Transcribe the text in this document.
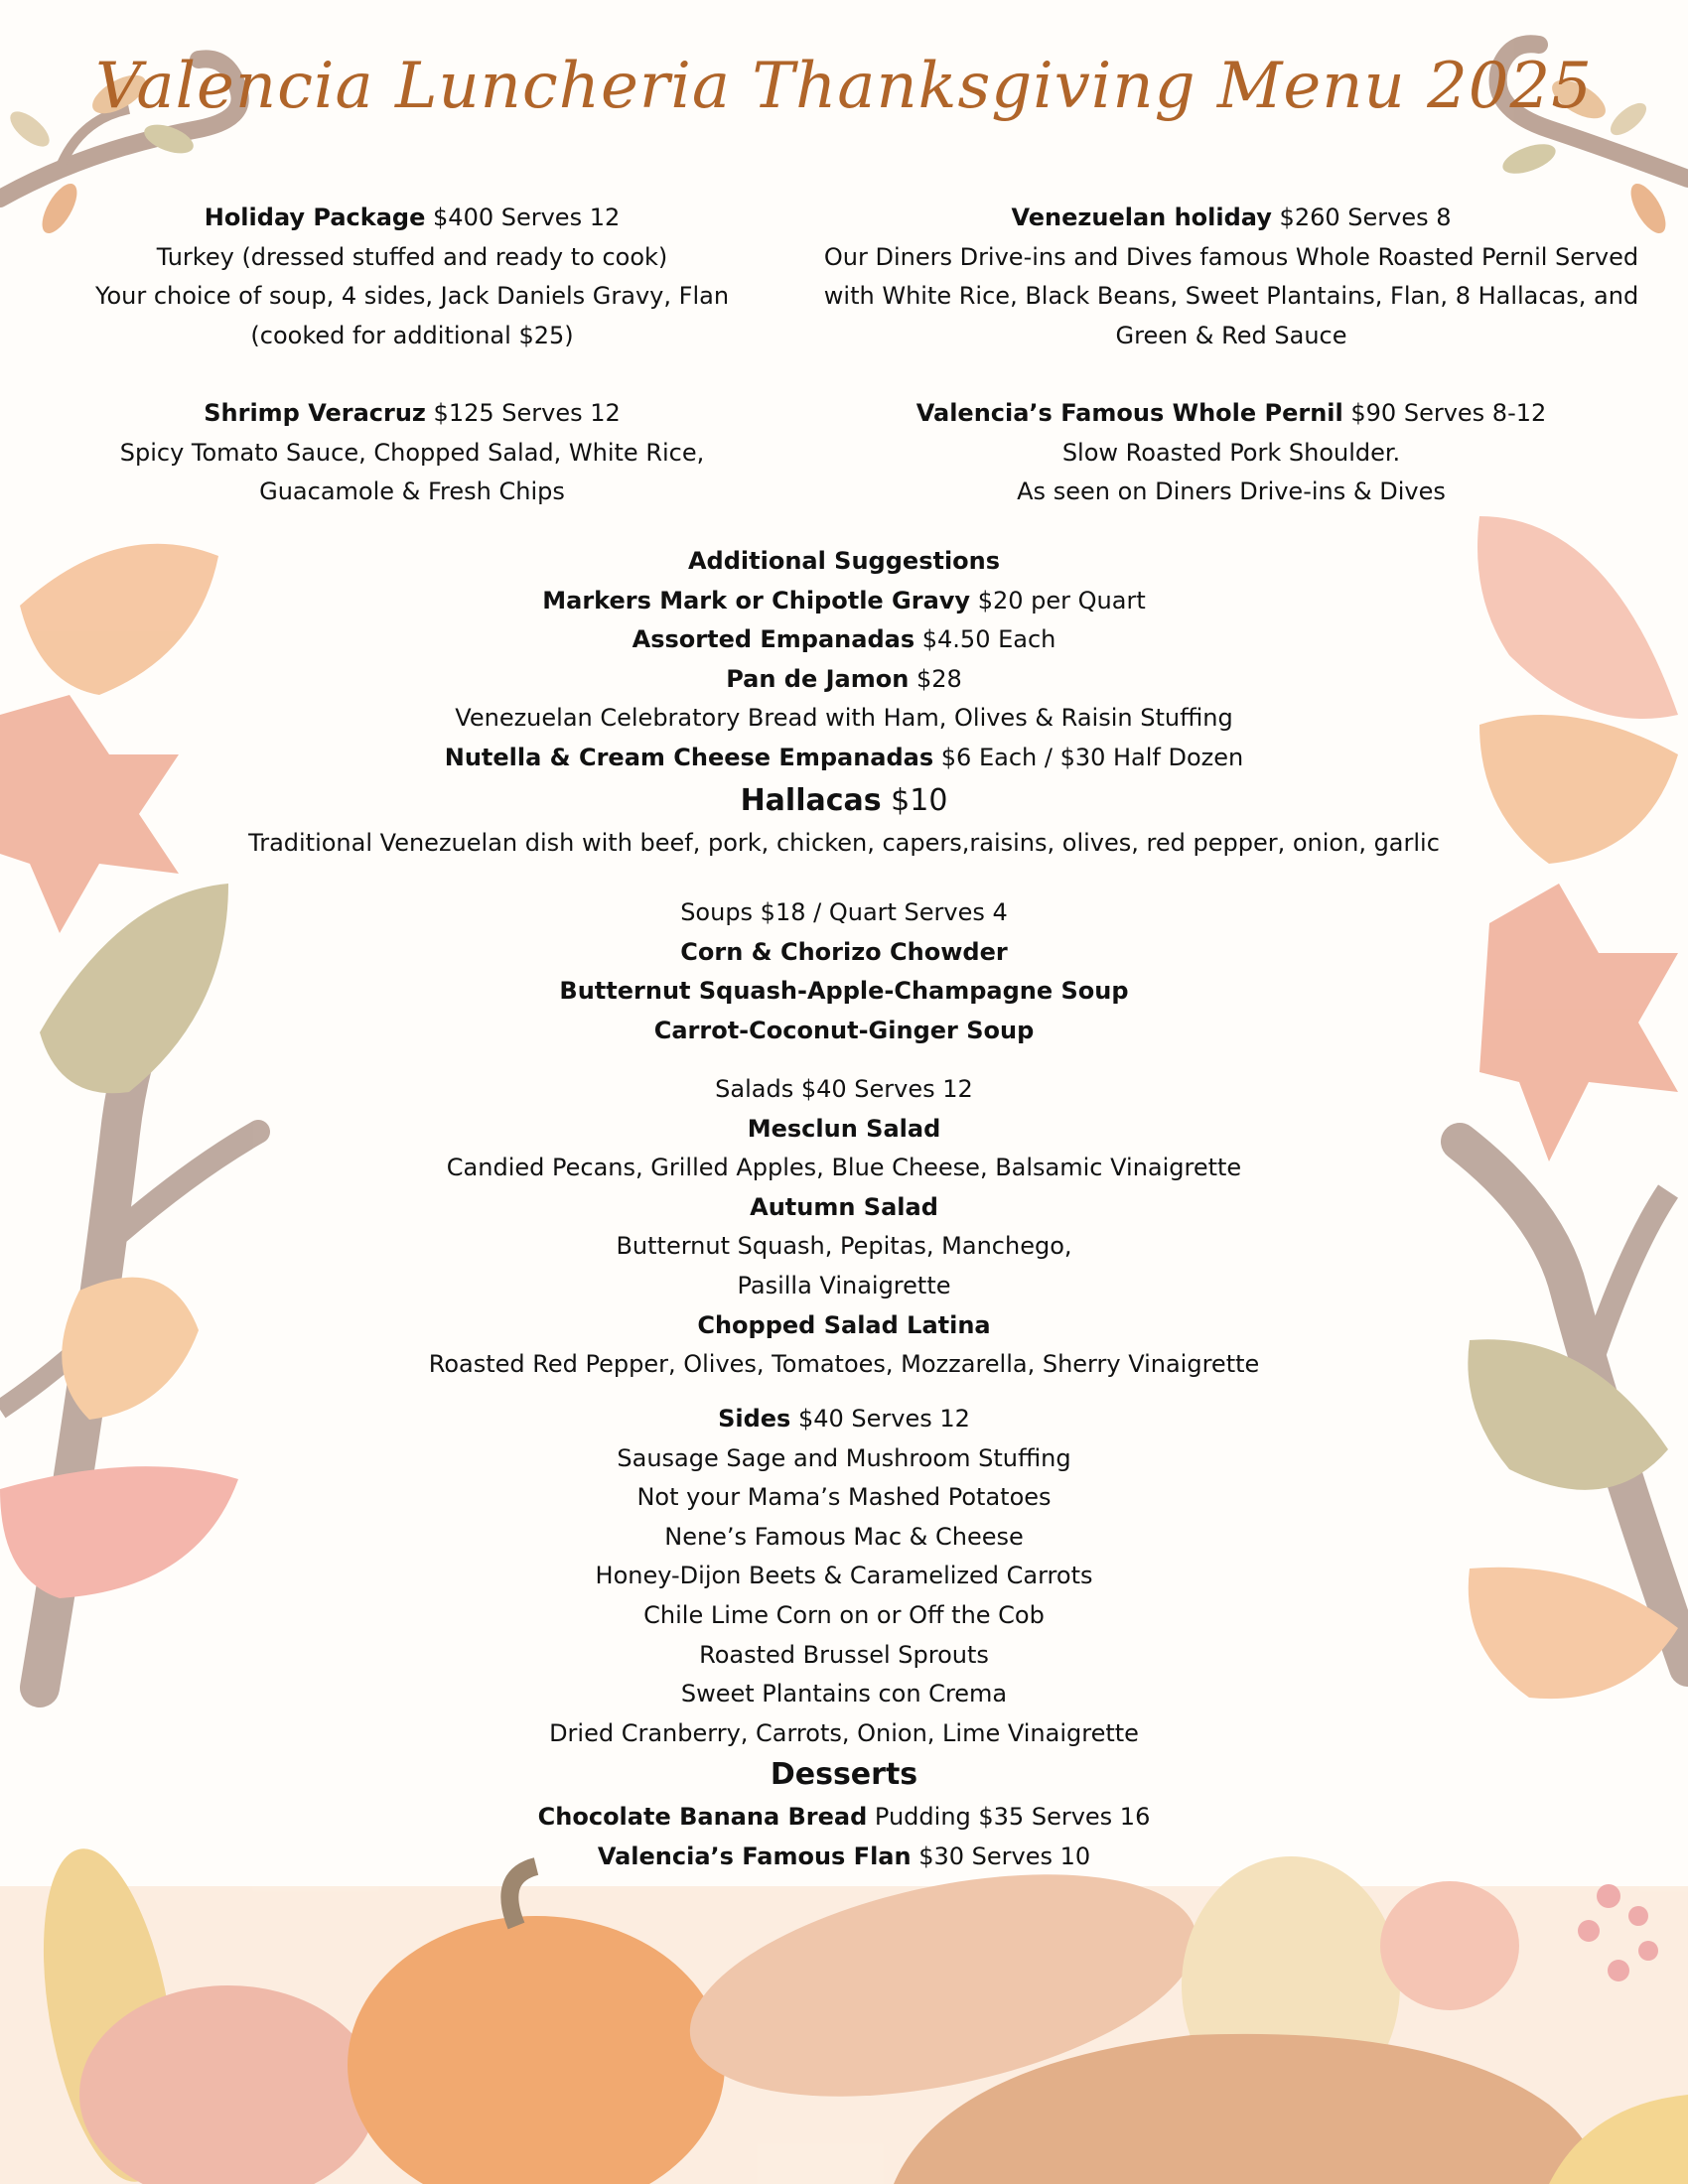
Valencia Luncheria Thanksgiving Menu 2025
Holiday Package $400 Serves 12
Turkey (dressed stuffed and ready to cook)
Your choice of soup, 4 sides, Jack Daniels Gravy, Flan
(cooked for additional $25)
Venezuelan holiday $260 Serves 8
Our Diners Drive-ins and Dives famous Whole Roasted Pernil Served
with White Rice, Black Beans, Sweet Plantains, Flan, 8 Hallacas, and
Green & Red Sauce
Shrimp Veracruz $125 Serves 12
Spicy Tomato Sauce, Chopped Salad, White Rice,
Guacamole & Fresh Chips
Valencia’s Famous Whole Pernil $90 Serves 8-12
Slow Roasted Pork Shoulder.
As seen on Diners Drive-ins & Dives
Additional Suggestions
Markers Mark or Chipotle Gravy $20 per Quart
Assorted Empanadas $4.50 Each
Pan de Jamon $28
Venezuelan Celebratory Bread with Ham, Olives & Raisin Stuffing
Nutella & Cream Cheese Empanadas $6 Each / $30 Half Dozen
Hallacas $10
Traditional Venezuelan dish with beef, pork, chicken, capers,raisins, olives, red pepper, onion, garlic
Soups $18 / Quart Serves 4
Corn & Chorizo Chowder
Butternut Squash-Apple-Champagne Soup
Carrot-Coconut-Ginger Soup
Salads $40 Serves 12
Mesclun Salad
Candied Pecans, Grilled Apples, Blue Cheese, Balsamic Vinaigrette
Autumn Salad
Butternut Squash, Pepitas, Manchego,
Pasilla Vinaigrette
Chopped Salad Latina
Roasted Red Pepper, Olives, Tomatoes, Mozzarella, Sherry Vinaigrette
Sides $40 Serves 12
Sausage Sage and Mushroom Stuffing
Not your Mama’s Mashed Potatoes
Nene’s Famous Mac & Cheese
Honey-Dijon Beets & Caramelized Carrots
Chile Lime Corn on or Off the Cob
Roasted Brussel Sprouts
Sweet Plantains con Crema
Dried Cranberry, Carrots, Onion, Lime Vinaigrette
Desserts
Chocolate Banana Bread Pudding $35 Serves 16
Valencia’s Famous Flan $30 Serves 10
